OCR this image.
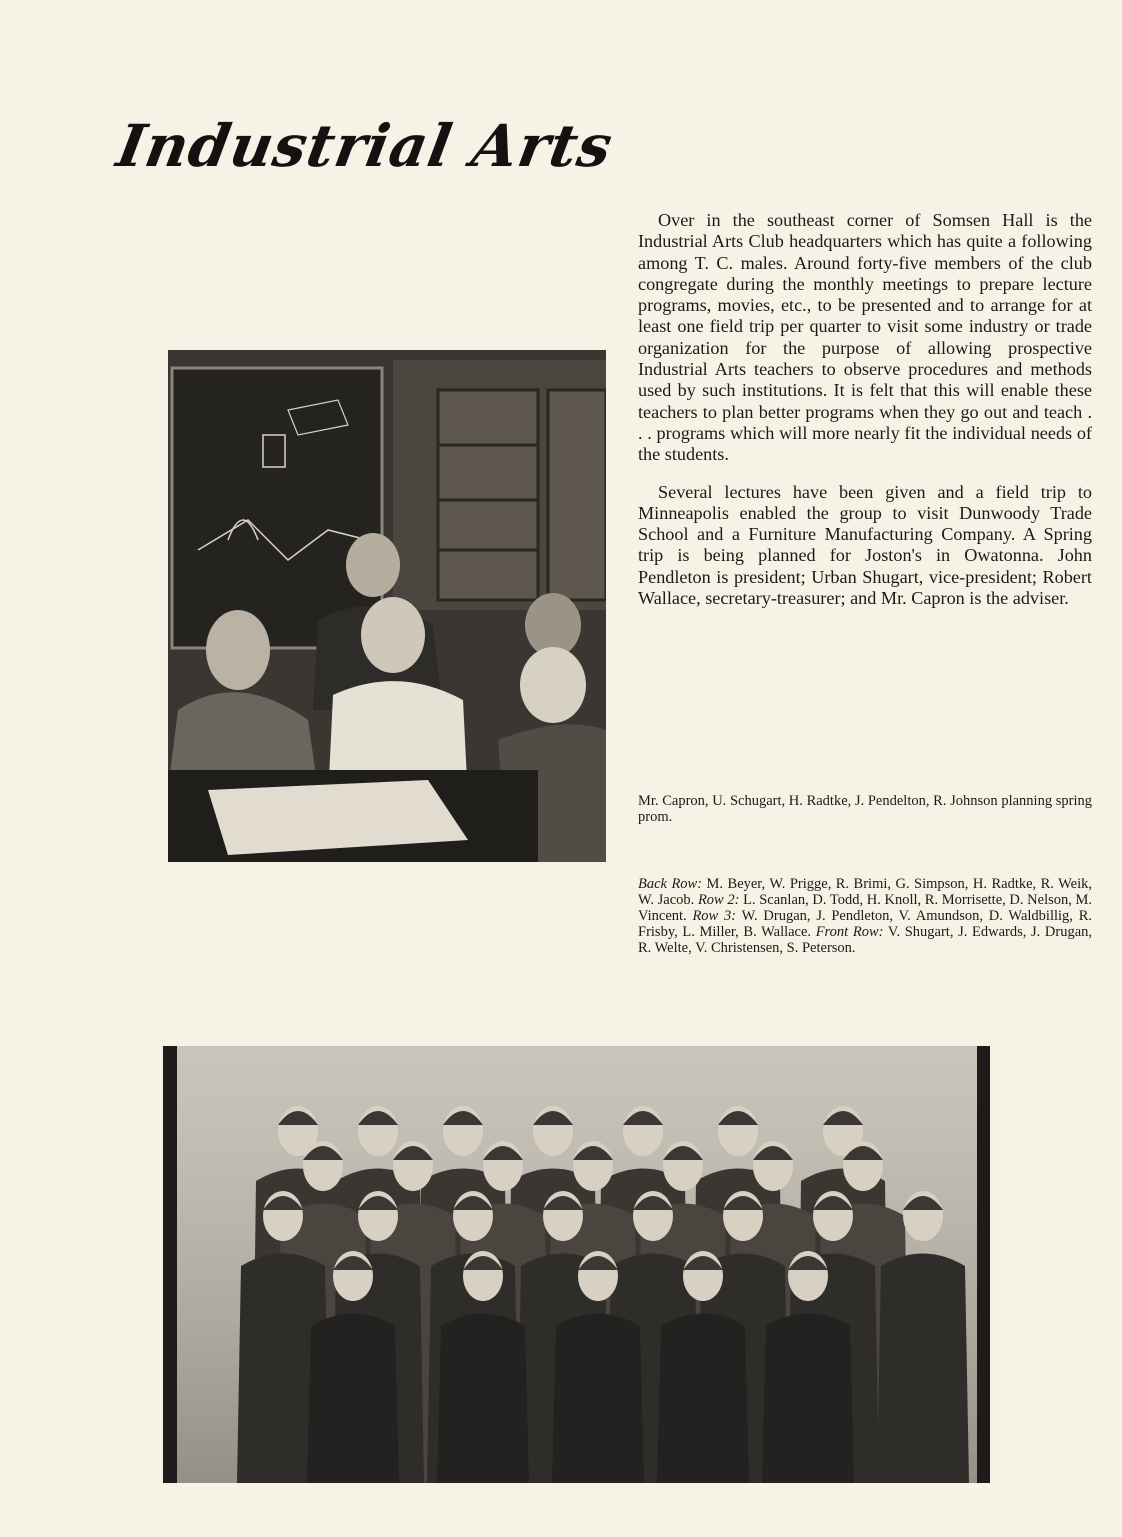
Industrial Arts

Over in the southeast corner of Somsen Hall is the Industrial Arts Club headquarters which has quite a following among T. C. males. Around forty-five members of the club congregate during the monthly meetings to prepare lecture programs, movies, etc., to be presented and to arrange for at least one field trip per quarter to visit some industry or trade organization for the purpose of allowing prospective Industrial Arts teachers to observe procedures and methods used by such institutions. It is felt that this will enable these teachers to plan better programs when they go out and teach . . . programs which will more nearly fit the individual needs of the students.

Several lectures have been given and a field trip to Minneapolis enabled the group to visit Dunwoody Trade School and a Furniture Manufacturing Company. A Spring trip is being planned for Joston's in Owatonna. John Pendleton is president; Urban Shugart, vice-president; Robert Wallace, secretary-treasurer; and Mr. Capron is the adviser.

Mr. Capron, U. Schugart, H. Radtke, J. Pendelton, R. Johnson planning spring prom.
Back Row: M. Beyer, W. Prigge, R. Brimi, G. Simpson, H. Radtke, R. Weik, W. Jacob. Row 2: L. Scanlan, D. Todd, H. Knoll, R. Morrisette, D. Nelson, M. Vincent. Row 3: W. Drugan, J. Pendleton, V. Amundson, D. Waldbillig, R. Frisby, L. Miller, B. Wallace. Front Row: V. Shugart, J. Edwards, J. Drugan, R. Welte, V. Christensen, S. Peterson.
